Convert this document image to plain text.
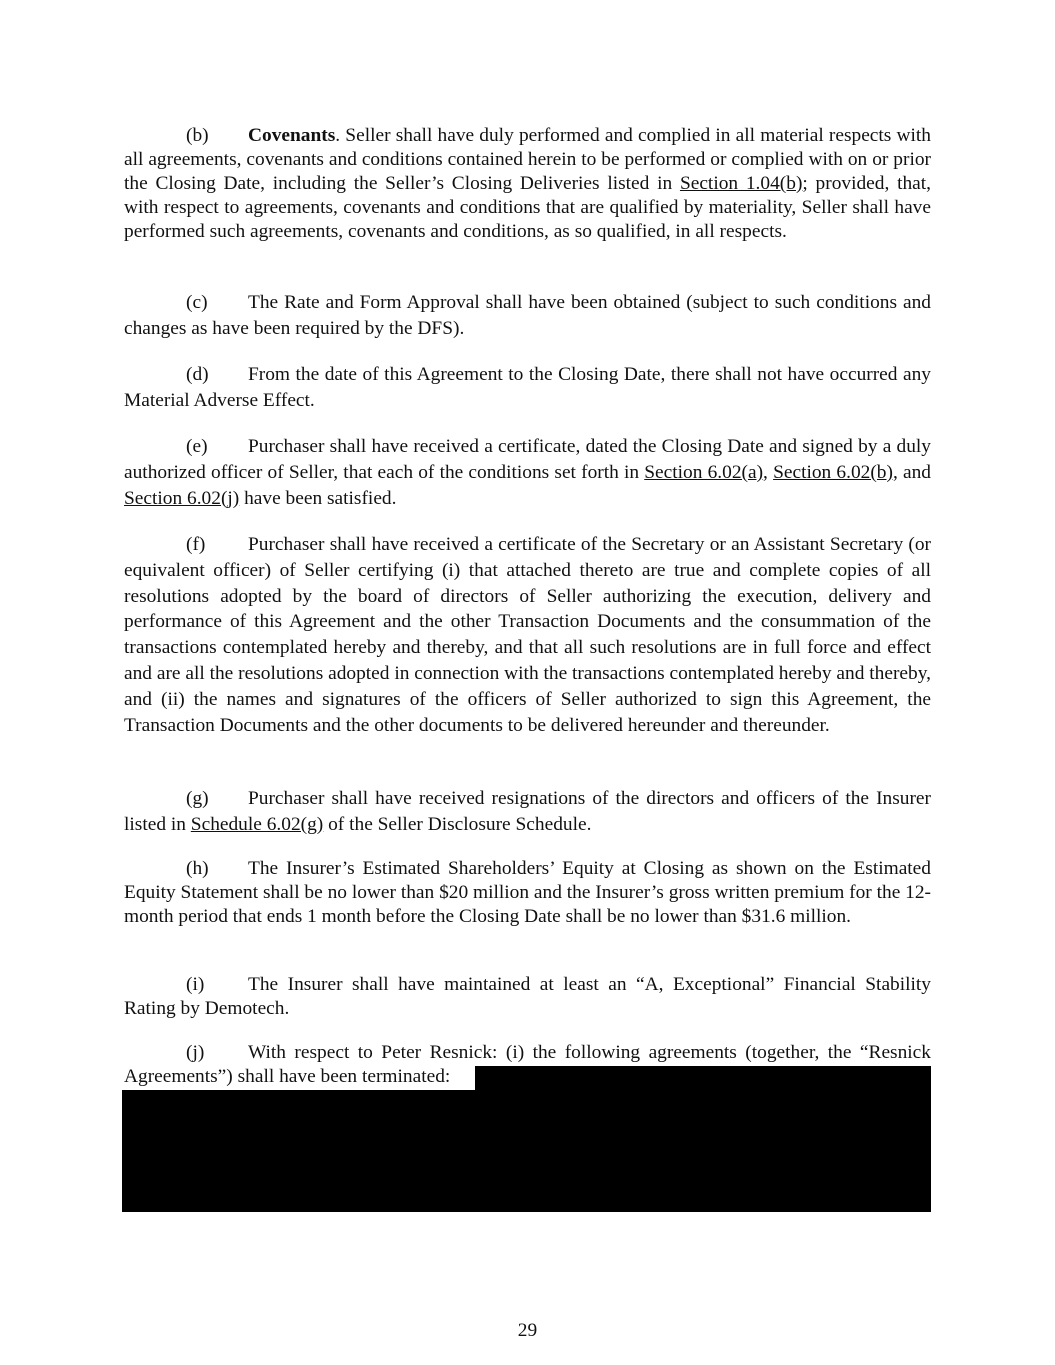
(b) Covenants. Seller shall have duly performed and complied in all material respects with all agreements, covenants and conditions contained herein to be performed or complied with on or prior the Closing Date, including the Seller’s Closing Deliveries listed in Section 1.04(b); provided, that, with respect to agreements, covenants and conditions that are qualified by materiality, Seller shall have performed such agreements, covenants and conditions, as so qualified, in all respects.

(c) The Rate and Form Approval shall have been obtained (subject to such conditions and changes as have been required by the DFS).

(d) From the date of this Agreement to the Closing Date, there shall not have occurred any Material Adverse Effect.

(e) Purchaser shall have received a certificate, dated the Closing Date and signed by a duly authorized officer of Seller, that each of the conditions set forth in Section 6.02(a), Section 6.02(b), and Section 6.02(j) have been satisfied.

(f) Purchaser shall have received a certificate of the Secretary or an Assistant Secretary (or equivalent officer) of Seller certifying (i) that attached thereto are true and complete copies of all resolutions adopted by the board of directors of Seller authorizing the execution, delivery and performance of this Agreement and the other Transaction Documents and the consummation of the transactions contemplated hereby and thereby, and that all such resolutions are in full force and effect and are all the resolutions adopted in connection with the transactions contemplated hereby and thereby, and (ii) the names and signatures of the officers of Seller authorized to sign this Agreement, the Transaction Documents and the other documents to be delivered hereunder and thereunder.

(g) Purchaser shall have received resignations of the directors and officers of the Insurer listed in Schedule 6.02(g) of the Seller Disclosure Schedule.

(h) The Insurer’s Estimated Shareholders’ Equity at Closing as shown on the Estimated Equity Statement shall be no lower than $20 million and the Insurer’s gross written premium for the 12-month period that ends 1 month before the Closing Date shall be no lower than $31.6 million.

(i) The Insurer shall have maintained at least an “A, Exceptional” Financial Stability Rating by Demotech.

(j) With respect to Peter Resnick: (i) the following agreements (together, the “Resnick Agreements”) shall have been terminated:

29
